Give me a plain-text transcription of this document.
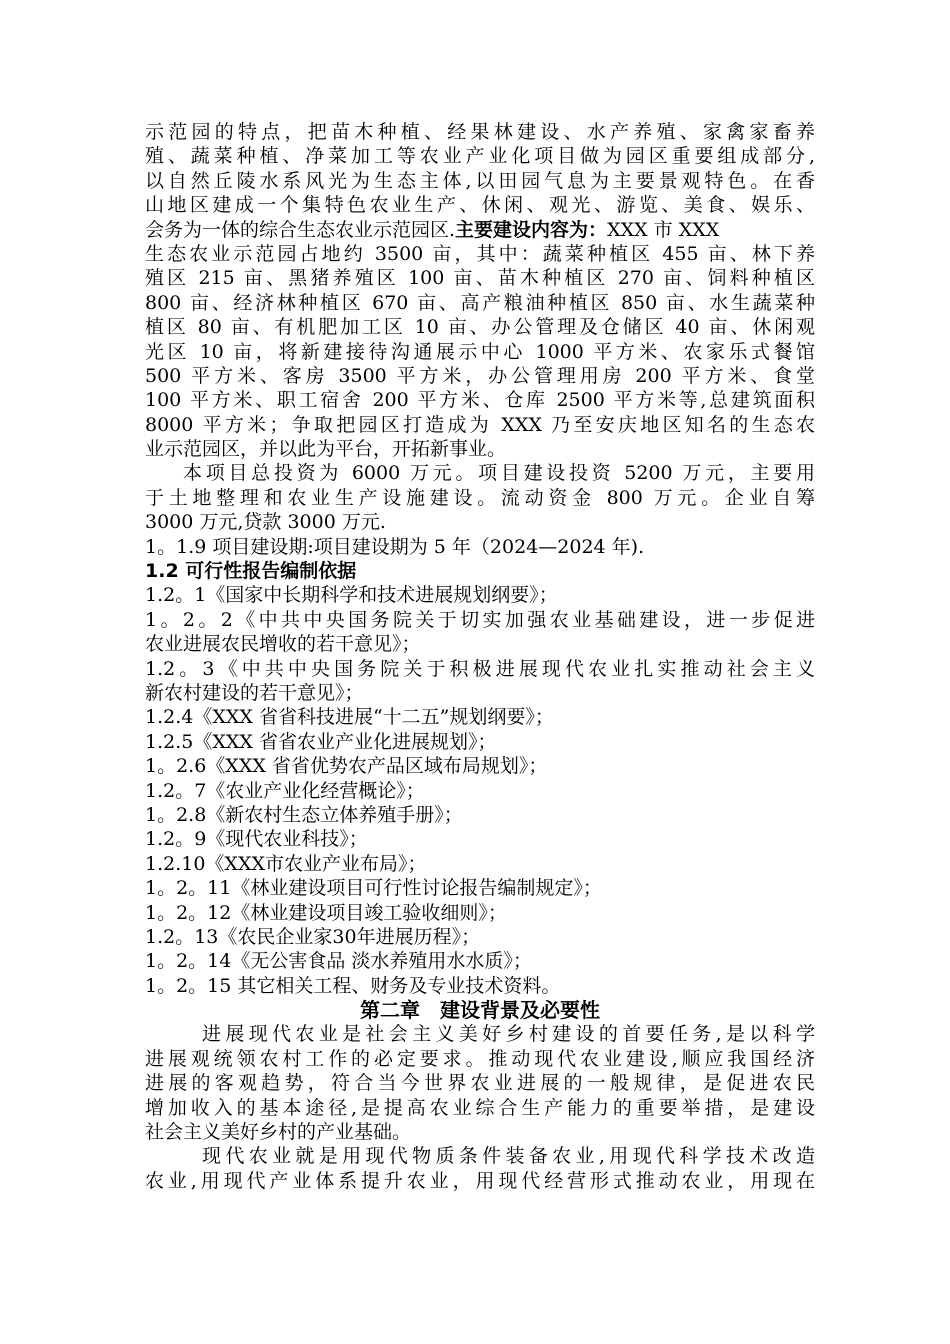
示范园的特点，把苗木种植、经果林建设、水产养殖、家禽家畜养
殖、蔬菜种植、净菜加工等农业产业化项目做为园区重要组成部分,
以自然丘陵水系风光为生态主体,以田园气息为主要景观特色。在香
山地区建成一个集特色农业生产、休闲、观光、游览、美食、娱乐、
会务为一体的综合生态农业示范园区.主要建设内容为：XXX 市 XXX
生态农业示范园占地约 3500 亩，其中：蔬菜种植区 455 亩、林下养
殖区 215 亩、黑猪养殖区 100 亩、苗木种植区 270 亩、饲料种植区
800 亩、经济林种植区 670 亩、高产粮油种植区 850 亩、水生蔬菜种
植区 80 亩、有机肥加工区 10 亩、办公管理及仓储区 40 亩、休闲观
光区 10 亩，将新建接待沟通展示中心 1000 平方米、农家乐式餐馆
500 平方米、客房 3500 平方米，办公管理用房 200 平方米、食堂
100 平方米、职工宿舍 200 平方米、仓库 2500 平方米等,总建筑面积
8000 平方米；争取把园区打造成为 XXX 乃至安庆地区知名的生态农
业示范园区，并以此为平台，开拓新事业。
本项目总投资为 6000 万元。项目建设投资 5200 万元，主要用
于土地整理和农业生产设施建设。流动资金 800 万元。企业自筹
3000 万元,贷款 3000 万元.
1。1.9 项目建设期:项目建设期为 5 年（2024—2024 年).
1.2 可行性报告编制依据
1.2。1《国家中长期科学和技术进展规划纲要》；
1。2。2《中共中央国务院关于切实加强农业基础建设，进一步促进
农业进展农民增收的若干意见》；
1.2。3《中共中央国务院关于积极进展现代农业扎实推动社会主义
新农村建设的若干意见》；
1.2.4《XXX 省省科技进展“十二五”规划纲要》；
1.2.5《XXX 省省农业产业化进展规划》；
1。2.6《XXX 省省优势农产品区域布局规划》；
1.2。7《农业产业化经营概论》；
1。2.8《新农村生态立体养殖手册》；
1.2。9《现代农业科技》；
1.2.10《XXX市农业产业布局》；
1。2。11《林业建设项目可行性讨论报告编制规定》；
1。2。12《林业建设项目竣工验收细则》；
1.2。13《农民企业家30年进展历程》；
1。2。14《无公害食品 淡水养殖用水水质》；
1。2。15 其它相关工程、财务及专业技术资料。
第二章 建设背景及必要性
进展现代农业是社会主义美好乡村建设的首要任务,是以科学
进展观统领农村工作的必定要求。推动现代农业建设,顺应我国经济
进展的客观趋势，符合当今世界农业进展的一般规律，是促进农民
增加收入的基本途径,是提高农业综合生产能力的重要举措，是建设
社会主义美好乡村的产业基础。
现代农业就是用现代物质条件装备农业,用现代科学技术改造
农业,用现代产业体系提升农业，用现代经营形式推动农业，用现在
